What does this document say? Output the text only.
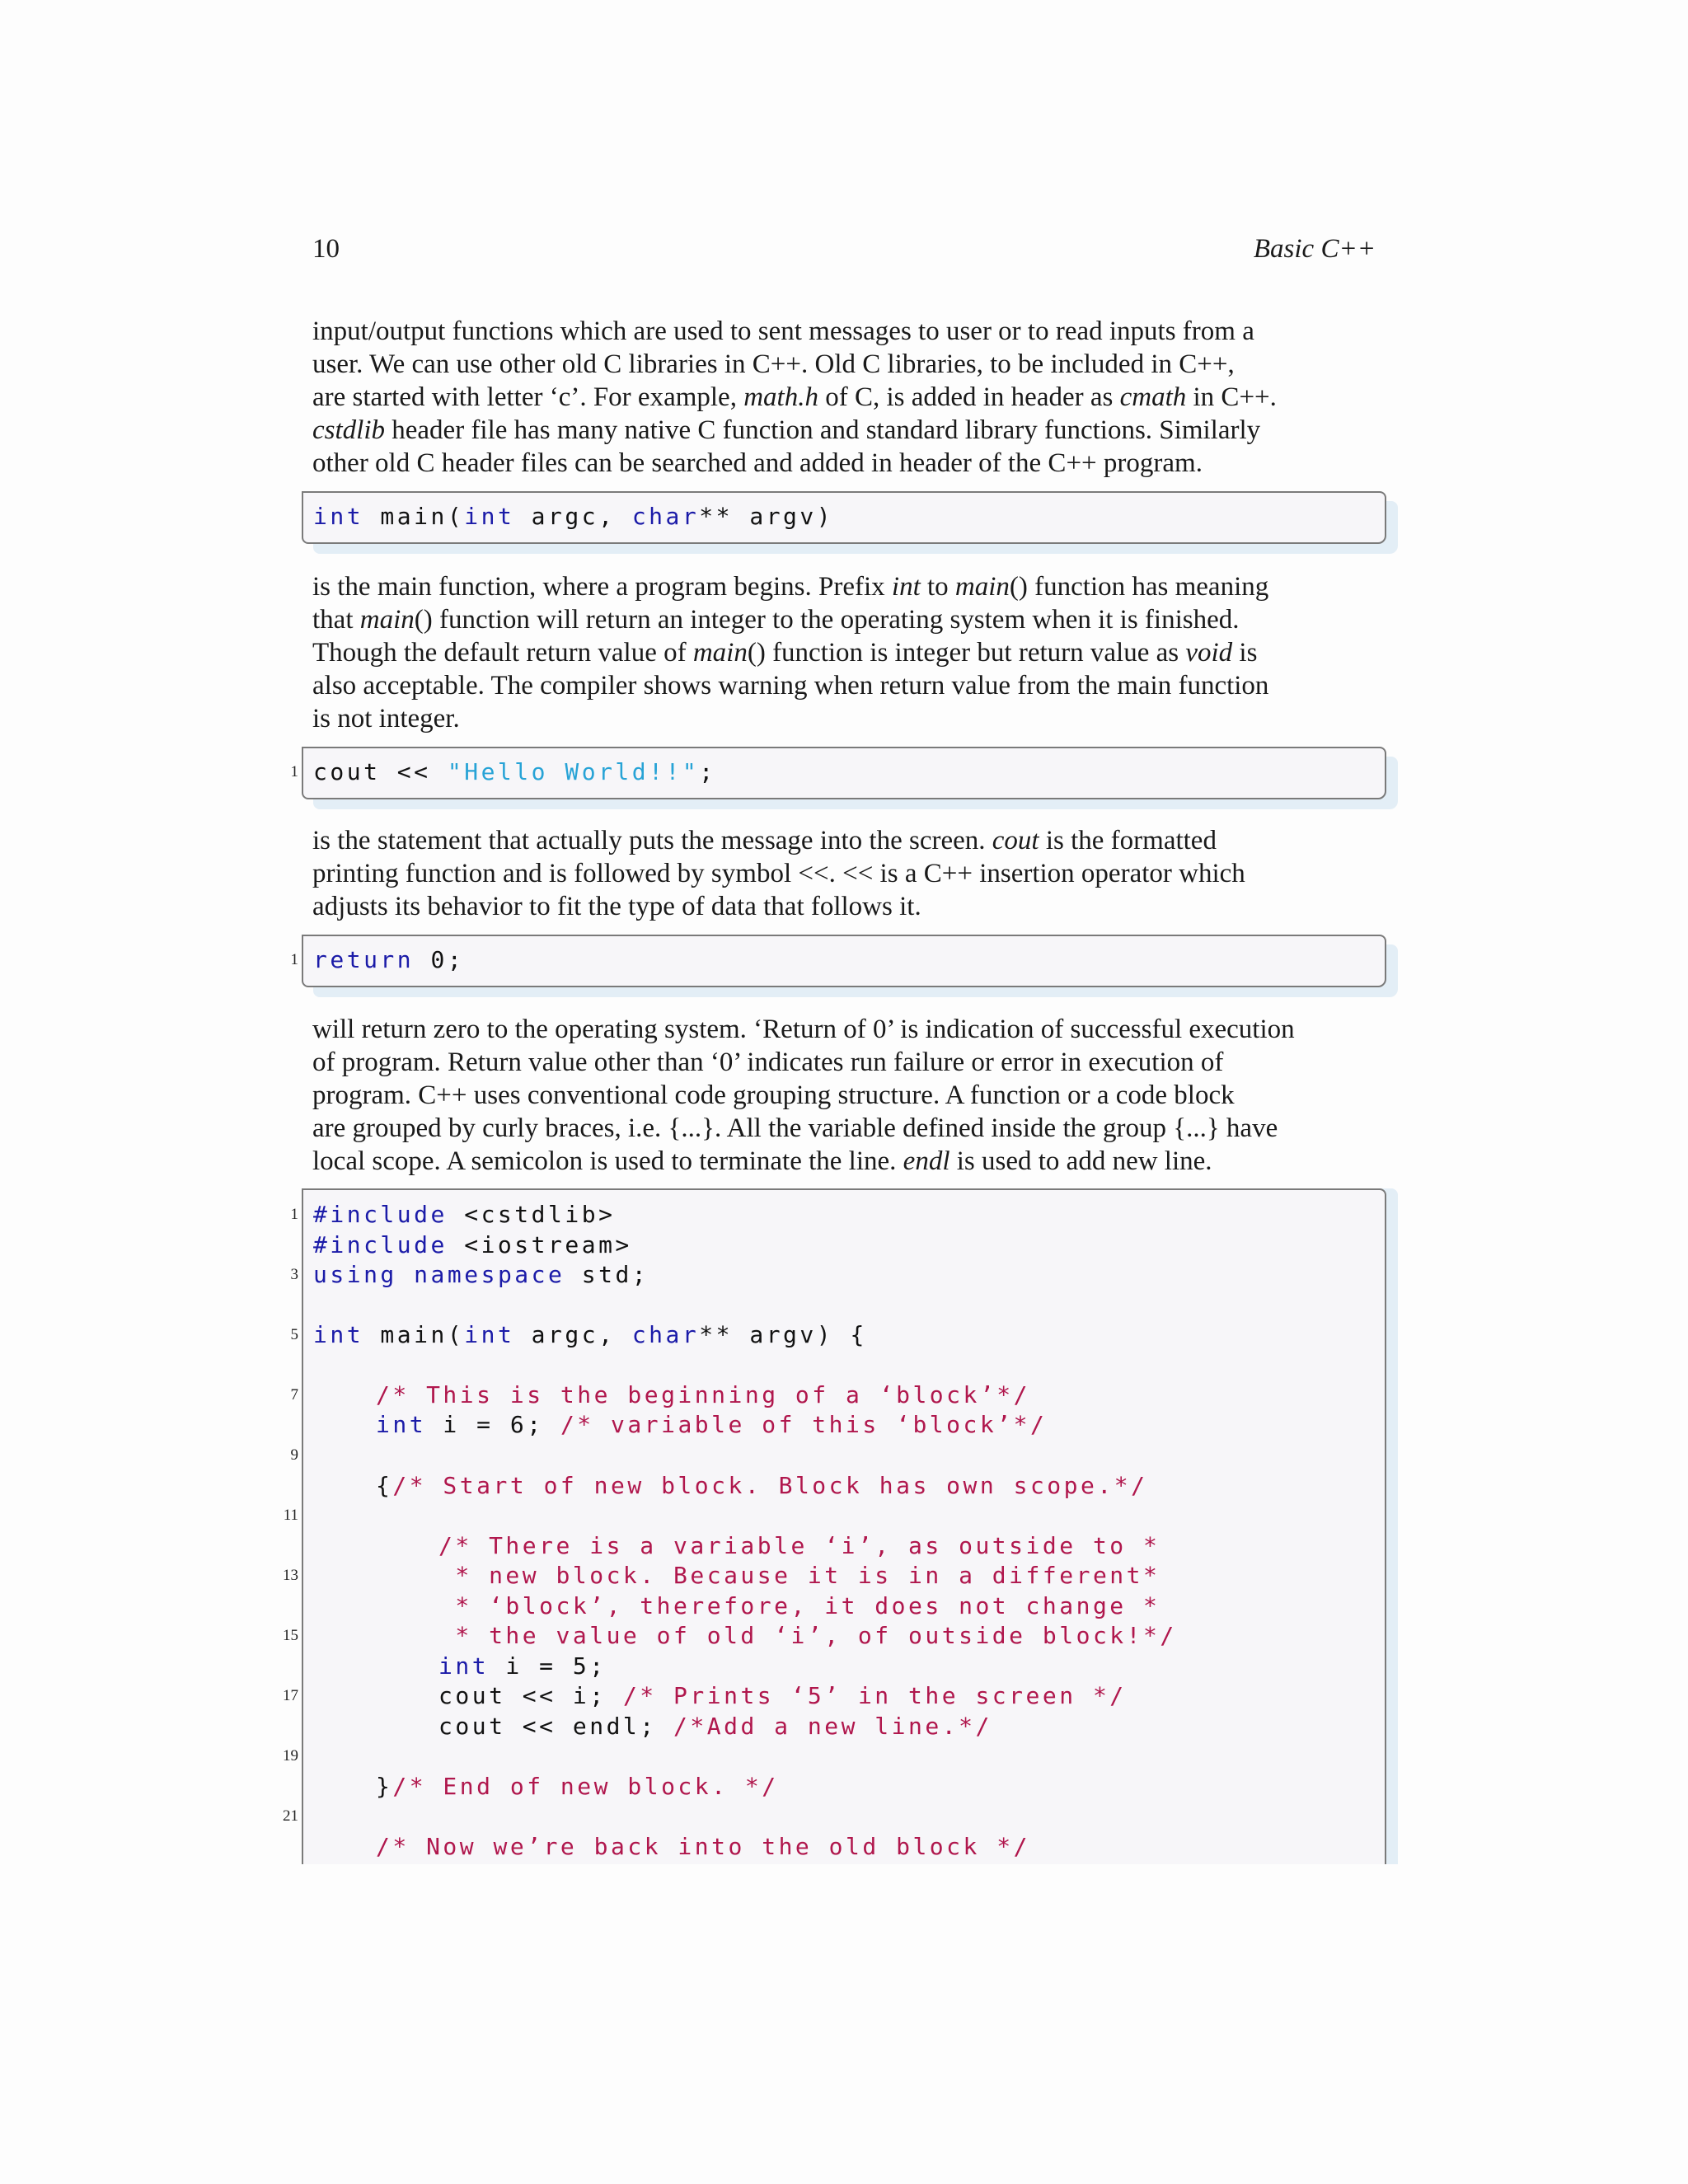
10	Basic C++

input/output functions which are used to sent messages to user or to read inputs from a

user. We can use other old C libraries in C++. Old C libraries, to be included in C++,

are started with letter ‘c’. For example, math.h of C, is added in header as cmath in C++.

cstdlib header file has many native C function and standard library functions. Similarly

other old C header files can be searched and added in header of the C++ program.

int main(int argc, char** argv)

is the main function, where a program begins. Prefix int to main() function has meaning

that main() function will return an integer to the operating system when it is finished.

Though the default return value of main() function is integer but return value as void is

also acceptable. The compiler shows warning when return value from the main function

is not integer.

1 cout << "Hello World!!";

is the statement that actually puts the message into the screen. cout is the formatted

printing function and is followed by symbol <<. << is a C++ insertion operator which

adjusts its behavior to fit the type of data that follows it.

1 return 0;

will return zero to the operating system. ‘Return of 0’ is indication of successful execution

of program. Return value other than ‘0’ indicates run failure or error in execution of

program. C++ uses conventional code grouping structure. A function or a code block

are grouped by curly braces, i.e. {...}. All the variable defined inside the group {...} have

local scope. A semicolon is used to terminate the line. endl is used to add new line.

1
3
5
7
9
11
13
15
17
19
21
#include <cstdlib>
#include <iostream>
using namespace std;
int main(int argc, char** argv) {
/* This is the beginning of a ‘block’*/
int i = 6; /* variable of this ‘block’*/
{/* Start of new block. Block has own scope.*/
/* There is a variable ‘i’, as outside to *
* new block. Because it is in a different*
* ‘block’, therefore, it does not change *
* the value of old ‘i’, of outside block!*/
int i = 5;
cout << i; /* Prints ‘5’ in the screen */
cout << endl; /*Add a new line.*/
}/* End of new block. */
/* Now we’re back into the old block */
